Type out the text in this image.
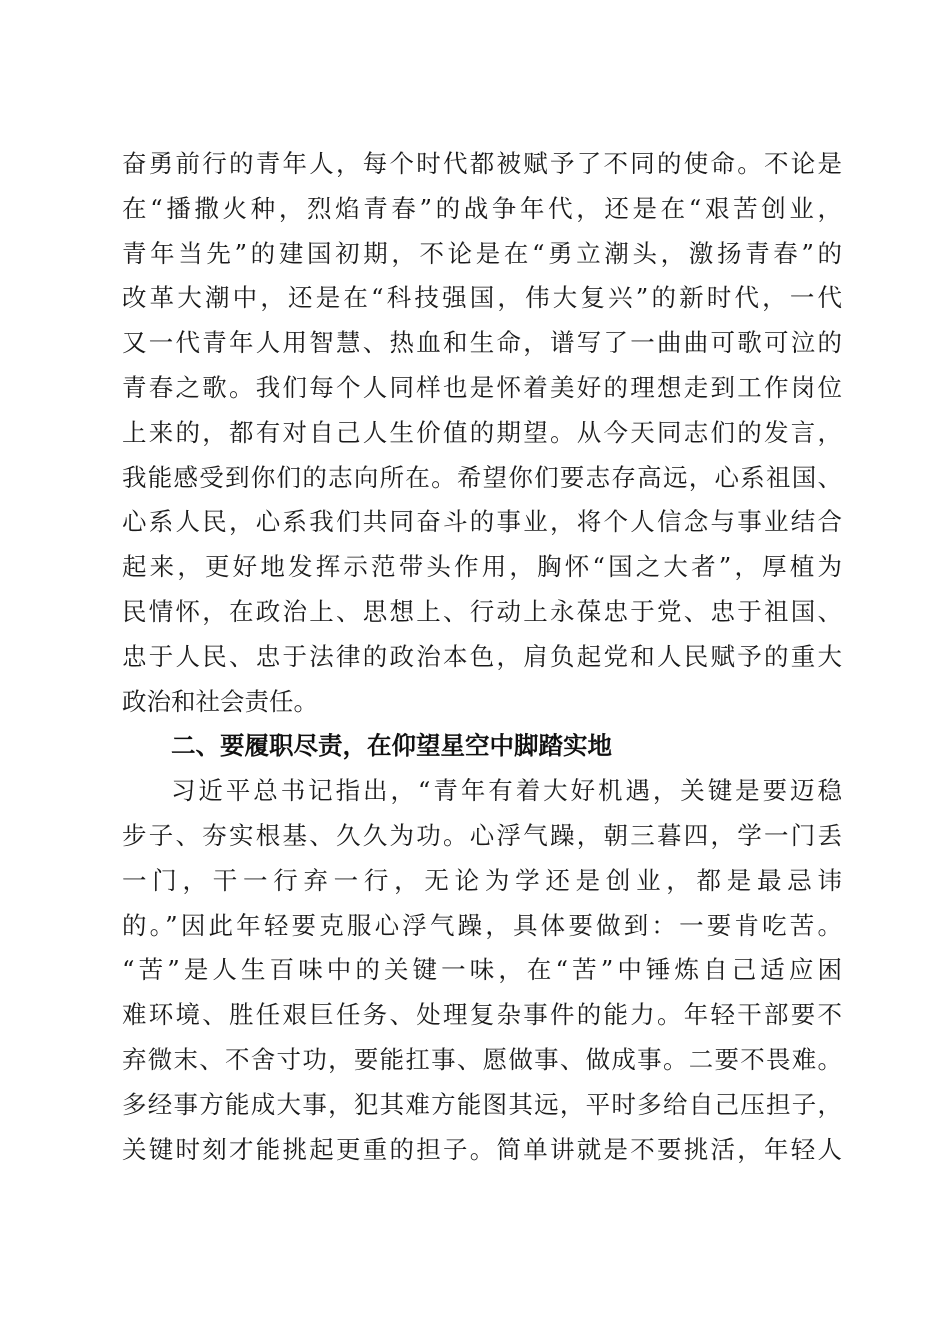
奋勇前行的青年人，每个时代都被赋予了不同的使命。不论是
在“播撒火种，烈焰青春”的战争年代，还是在“艰苦创业，
青年当先”的建国初期，不论是在“勇立潮头，激扬青春”的
改革大潮中，还是在“科技强国，伟大复兴”的新时代，一代
又一代青年人用智慧、热血和生命，谱写了一曲曲可歌可泣的
青春之歌。我们每个人同样也是怀着美好的理想走到工作岗位
上来的，都有对自己人生价值的期望。从今天同志们的发言，
我能感受到你们的志向所在。希望你们要志存高远，心系祖国、
心系人民，心系我们共同奋斗的事业，将个人信念与事业结合
起来，更好地发挥示范带头作用，胸怀“国之大者”，厚植为
民情怀，在政治上、思想上、行动上永葆忠于党、忠于祖国、
忠于人民、忠于法律的政治本色，肩负起党和人民赋予的重大
政治和社会责任。
二、要履职尽责，在仰望星空中脚踏实地
习近平总书记指出，“青年有着大好机遇，关键是要迈稳
步子、夯实根基、久久为功。心浮气躁，朝三暮四，学一门丢
一门，干一行弃一行，无论为学还是创业，都是最忌讳
的。”因此年轻要克服心浮气躁，具体要做到：一要肯吃苦。
“苦”是人生百味中的关键一味，在“苦”中锤炼自己适应困
难环境、胜任艰巨任务、处理复杂事件的能力。年轻干部要不
弃微末、不舍寸功，要能扛事、愿做事、做成事。二要不畏难。
多经事方能成大事，犯其难方能图其远，平时多给自己压担子，
关键时刻才能挑起更重的担子。简单讲就是不要挑活，年轻人
